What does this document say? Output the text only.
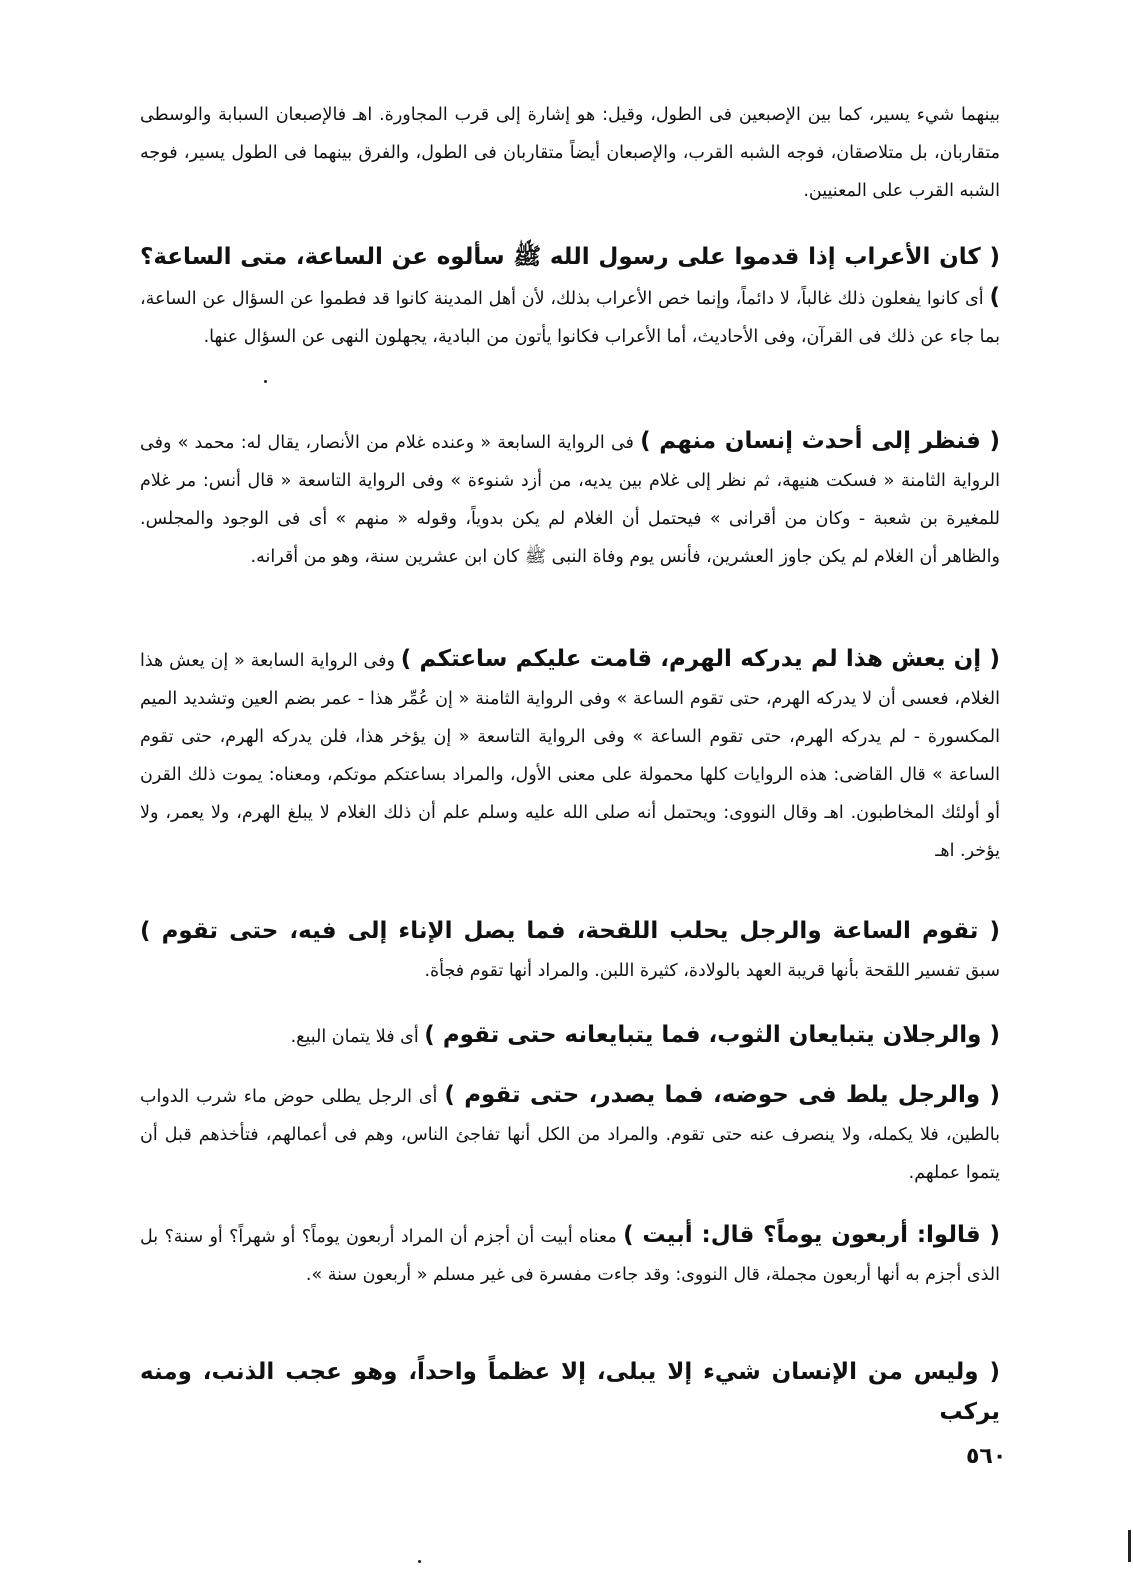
بينهما شيء يسير، كما بين الإصبعين فى الطول، وقيل: هو إشارة إلى قرب المجاورة. اهـ فالإصبعان السبابة والوسطى متقاربان، بل متلاصقان، فوجه الشبه القرب، والإصبعان أيضاً متقاربان فى الطول، والفرق بينهما فى الطول يسير، فوجه الشبه القرب على المعنيين.

( كان الأعراب إذا قدموا على رسول الله ﷺ سألوه عن الساعة، متى الساعة؟ ) أى كانوا يفعلون ذلك غالباً، لا دائماً، وإنما خص الأعراب بذلك، لأن أهل المدينة كانوا قد فطموا عن السؤال عن الساعة، بما جاء عن ذلك فى القرآن، وفى الأحاديث، أما الأعراب فكانوا يأتون من البادية، يجهلون النهى عن السؤال عنها.

( فنظر إلى أحدث إنسان منهم ) فى الرواية السابعة « وعنده غلام من الأنصار، يقال له: محمد » وفى الرواية الثامنة « فسكت هنيهة، ثم نظر إلى غلام بين يديه، من أزد شنوءة » وفى الرواية التاسعة « قال أنس: مر غلام للمغيرة بن شعبة - وكان من أقرانى » فيحتمل أن الغلام لم يكن بدوياً، وقوله « منهم » أى فى الوجود والمجلس. والظاهر أن الغلام لم يكن جاوز العشرين، فأنس يوم وفاة النبى ﷺ كان ابن عشرين سنة، وهو من أقرانه.

( إن يعش هذا لم يدركه الهرم، قامت عليكم ساعتكم ) وفى الرواية السابعة « إن يعش هذا الغلام، فعسى أن لا يدركه الهرم، حتى تقوم الساعة » وفى الرواية الثامنة « إن عُمِّر هذا - عمر بضم العين وتشديد الميم المكسورة - لم يدركه الهرم، حتى تقوم الساعة » وفى الرواية التاسعة « إن يؤخر هذا، فلن يدركه الهرم، حتى تقوم الساعة » قال القاضى: هذه الروايات كلها محمولة على معنى الأول، والمراد بساعتكم موتكم، ومعناه: يموت ذلك القرن أو أولئك المخاطبون. اهـ وقال النووى: ويحتمل أنه صلى الله عليه وسلم علم أن ذلك الغلام لا يبلغ الهرم، ولا يعمر، ولا يؤخر. اهـ

( تقوم الساعة والرجل يحلب اللقحة، فما يصل الإناء إلى فيه، حتى تقوم ) سبق تفسير اللقحة بأنها قريبة العهد بالولادة، كثيرة اللبن. والمراد أنها تقوم فجأة.

( والرجلان يتبايعان الثوب، فما يتبايعانه حتى تقوم ) أى فلا يتمان البيع.

( والرجل يلط فى حوضه، فما يصدر، حتى تقوم ) أى الرجل يطلى حوض ماء شرب الدواب بالطين، فلا يكمله، ولا ينصرف عنه حتى تقوم. والمراد من الكل أنها تفاجئ الناس، وهم فى أعمالهم، فتأخذهم قبل أن يتموا عملهم.

( قالوا: أربعون يوماً؟ قال: أبيت ) معناه أبيت أن أجزم أن المراد أربعون يوماً؟ أو شهراً؟ أو سنة؟ بل الذى أجزم به أنها أربعون مجملة، قال النووى: وقد جاءت مفسرة فى غير مسلم « أربعون سنة ».

( وليس من الإنسان شيء إلا يبلى، إلا عظماً واحداً، وهو عجب الذنب، ومنه يركب

٥٦٠
